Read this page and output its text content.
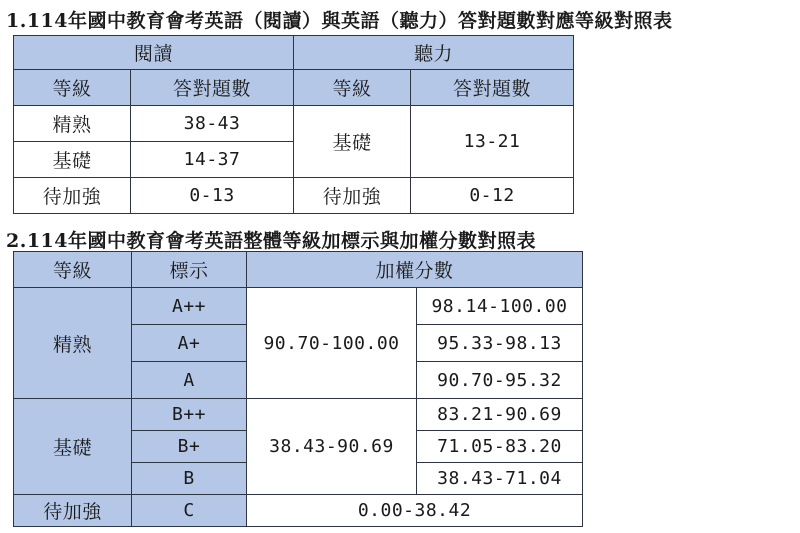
1.114年國中教育會考英語（閱讀）與英語（聽力）答對題數對應等級對照表
閱讀		聽力	
等級	答對題數	等級	答對題數
精熟	38-43	基礎	13-21
基礎	14-37		
待加強	0-13	待加強	0-12
2.114年國中教育會考英語整體等級加標示與加權分數對照表
等級	標示	加權分數	
精熟	A++	90.70-100.00	98.14-100.00
	A+		95.33-98.13
	A		90.70-95.32
基礎	B++	38.43-90.69	83.21-90.69
	B+		71.05-83.20
	B		38.43-71.04
待加強	C	0.00-38.42	
